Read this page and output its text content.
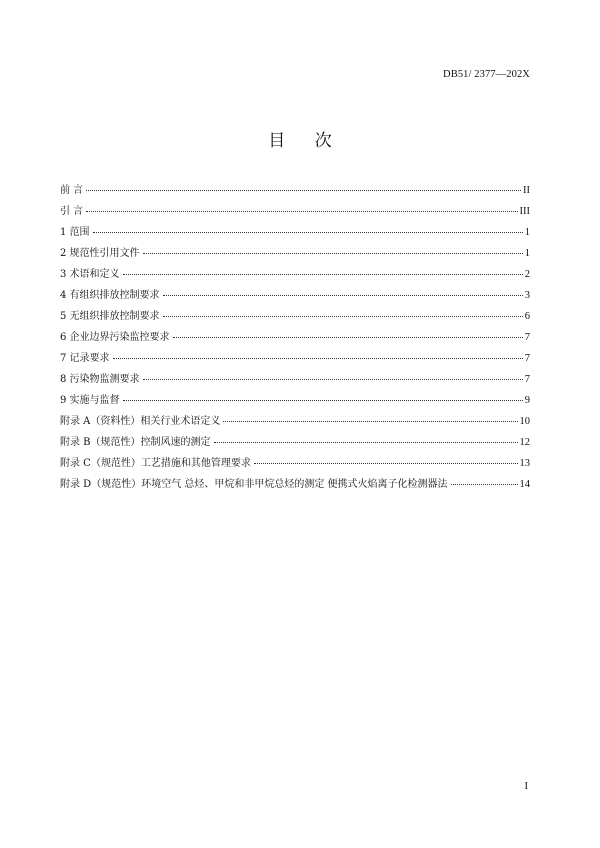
DB51/ 2377—202X
目 次
前 言	II
引 言	III
1 范围	1
2 规范性引用文件	1
3 术语和定义	2
4 有组织排放控制要求	3
5 无组织排放控制要求	6
6 企业边界污染监控要求	7
7 记录要求	7
8 污染物监测要求	7
9 实施与监督	9
附录 A（资料性）相关行业术语定义	10
附录 B（规范性）控制风速的测定	12
附录 C（规范性）工艺措施和其他管理要求	13
附录 D（规范性）环境空气 总烃、甲烷和非甲烷总烃的测定 便携式火焰离子化检测器法	14
I
